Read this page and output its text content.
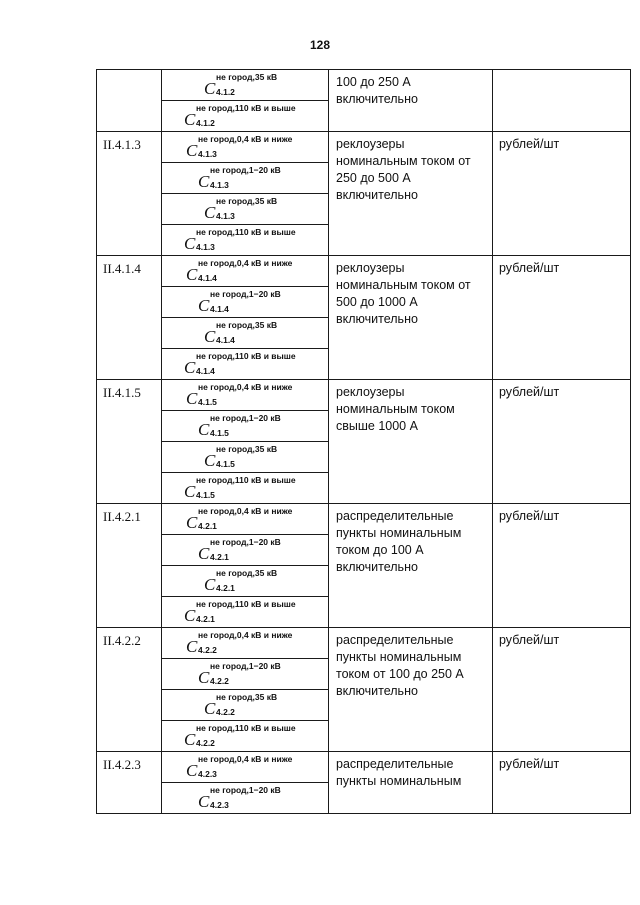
128

	C
не город,35 кВ
4.1.2	100 до 250 А
включительно	

	C
не город,110 кВ и выше
4.1.2		

II.4.1.3	C
не город,0,4 кВ и ниже
4.1.3	реклоузеры
номинальным током от
250 до 500 А
включительно	рублей/шт

	C
не город,1−20 кВ
4.1.3		

	C
не город,35 кВ
4.1.3		

	C
не город,110 кВ и выше
4.1.3		

II.4.1.4	C
не город,0,4 кВ и ниже
4.1.4	реклоузеры
номинальным током от
500 до 1000 А
включительно	рублей/шт

	C
не город,1−20 кВ
4.1.4		

	C
не город,35 кВ
4.1.4		

	C
не город,110 кВ и выше
4.1.4		

II.4.1.5	C
не город,0,4 кВ и ниже
4.1.5	реклоузеры
номинальным током
свыше 1000 А	рублей/шт

	C
не город,1−20 кВ
4.1.5		

	C
не город,35 кВ
4.1.5		

	C
не город,110 кВ и выше
4.1.5		

II.4.2.1	C
не город,0,4 кВ и ниже
4.2.1	распределительные
пункты номинальным
током до 100 А
включительно	рублей/шт

	C
не город,1−20 кВ
4.2.1		

	C
не город,35 кВ
4.2.1		

	C
не город,110 кВ и выше
4.2.1		

II.4.2.2	C
не город,0,4 кВ и ниже
4.2.2	распределительные
пункты номинальным
током от 100 до 250 А
включительно	рублей/шт

	C
не город,1−20 кВ
4.2.2		

	C
не город,35 кВ
4.2.2		

	C
не город,110 кВ и выше
4.2.2		

II.4.2.3	C
не город,0,4 кВ и ниже
4.2.3	распределительные
пункты номинальным	рублей/шт

	C
не город,1−20 кВ
4.2.3		
